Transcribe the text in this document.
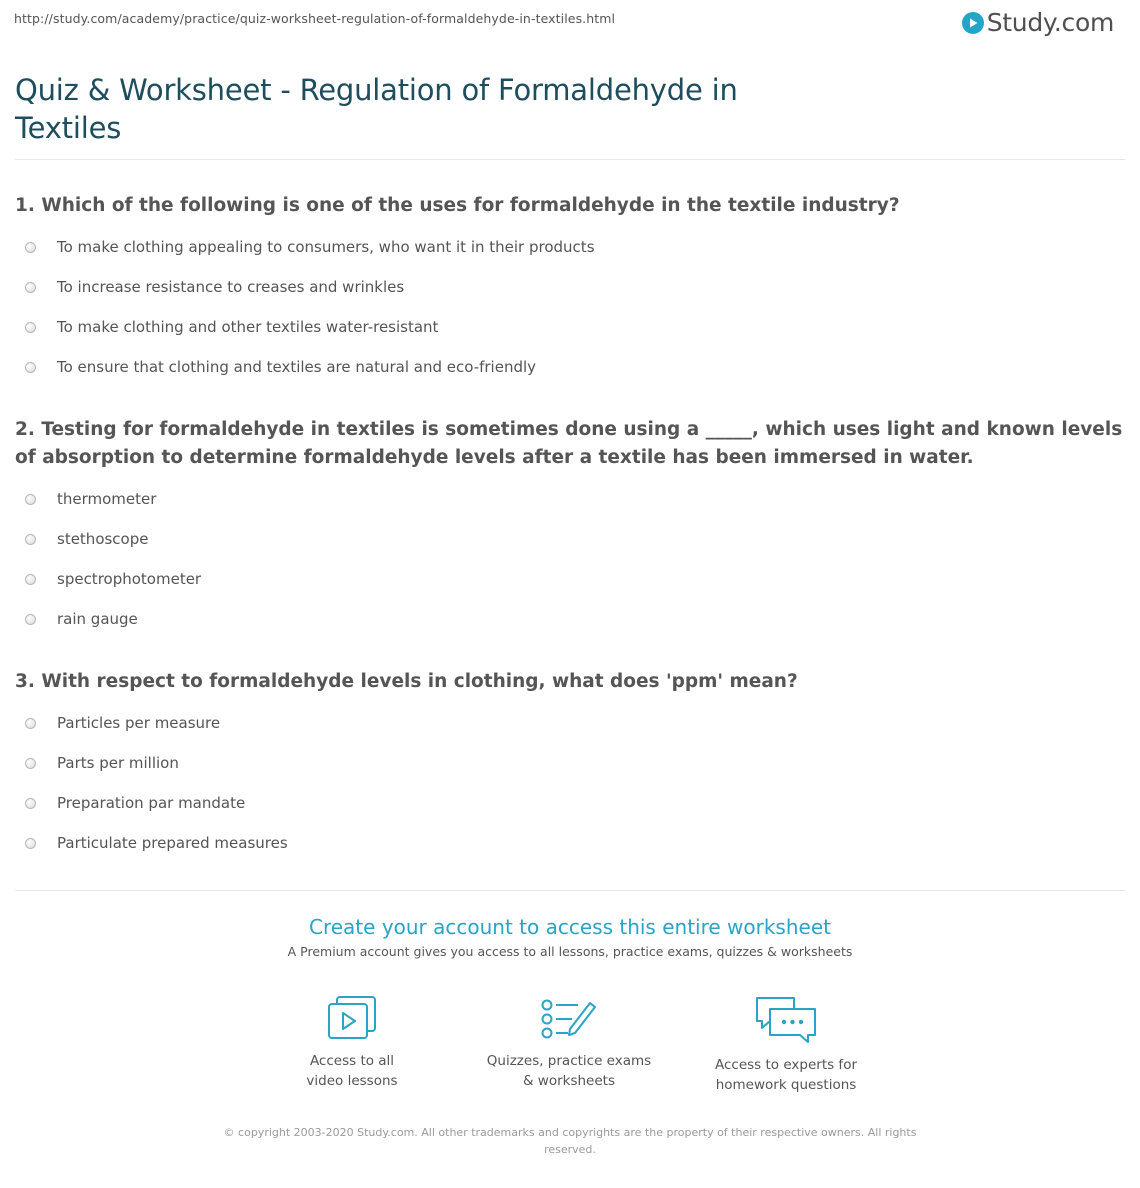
http://study.com/academy/practice/quiz-worksheet-regulation-of-formaldehyde-in-textiles.html	Study.com
Quiz & Worksheet - Regulation of Formaldehyde in Textiles

1. Which of the following is one of the uses for formaldehyde in the textile industry?

To make clothing appealing to consumers, who want it in their products
To increase resistance to creases and wrinkles
To make clothing and other textiles water-resistant
To ensure that clothing and textiles are natural and eco-friendly

2. Testing for formaldehyde in textiles is sometimes done using a _____, which uses light and known levels of absorption to determine formaldehyde levels after a textile has been immersed in water.

thermometer
stethoscope
spectrophotometer
rain gauge

3. With respect to formaldehyde levels in clothing, what does 'ppm' mean?

Particles per measure
Parts per million
Preparation par mandate
Particulate prepared measures

Create your account to access this entire worksheet

A Premium account gives you access to all lessons, practice exams, quizzes & worksheets
Access to all
video lessons
Quizzes, practice exams
& worksheets
Access to experts for
homework questions
© copyright 2003-2020 Study.com. All other trademarks and copyrights are the property of their respective owners. All rights reserved.
